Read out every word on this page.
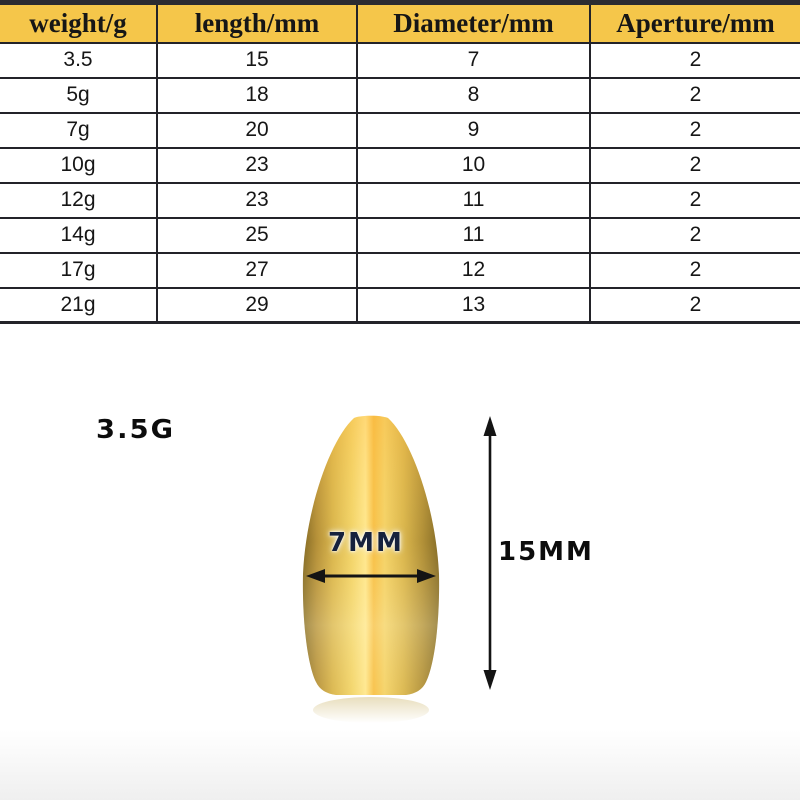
weight/g	length/mm	Diameter/mm	Aperture/mm
3.5	15	7	2
5g	18	8	2
7g	20	9	2
10g	23	10	2
12g	23	11	2
14g	25	11	2
17g	27	12	2
21g	29	13	2
3.5G
7MM	15MM
